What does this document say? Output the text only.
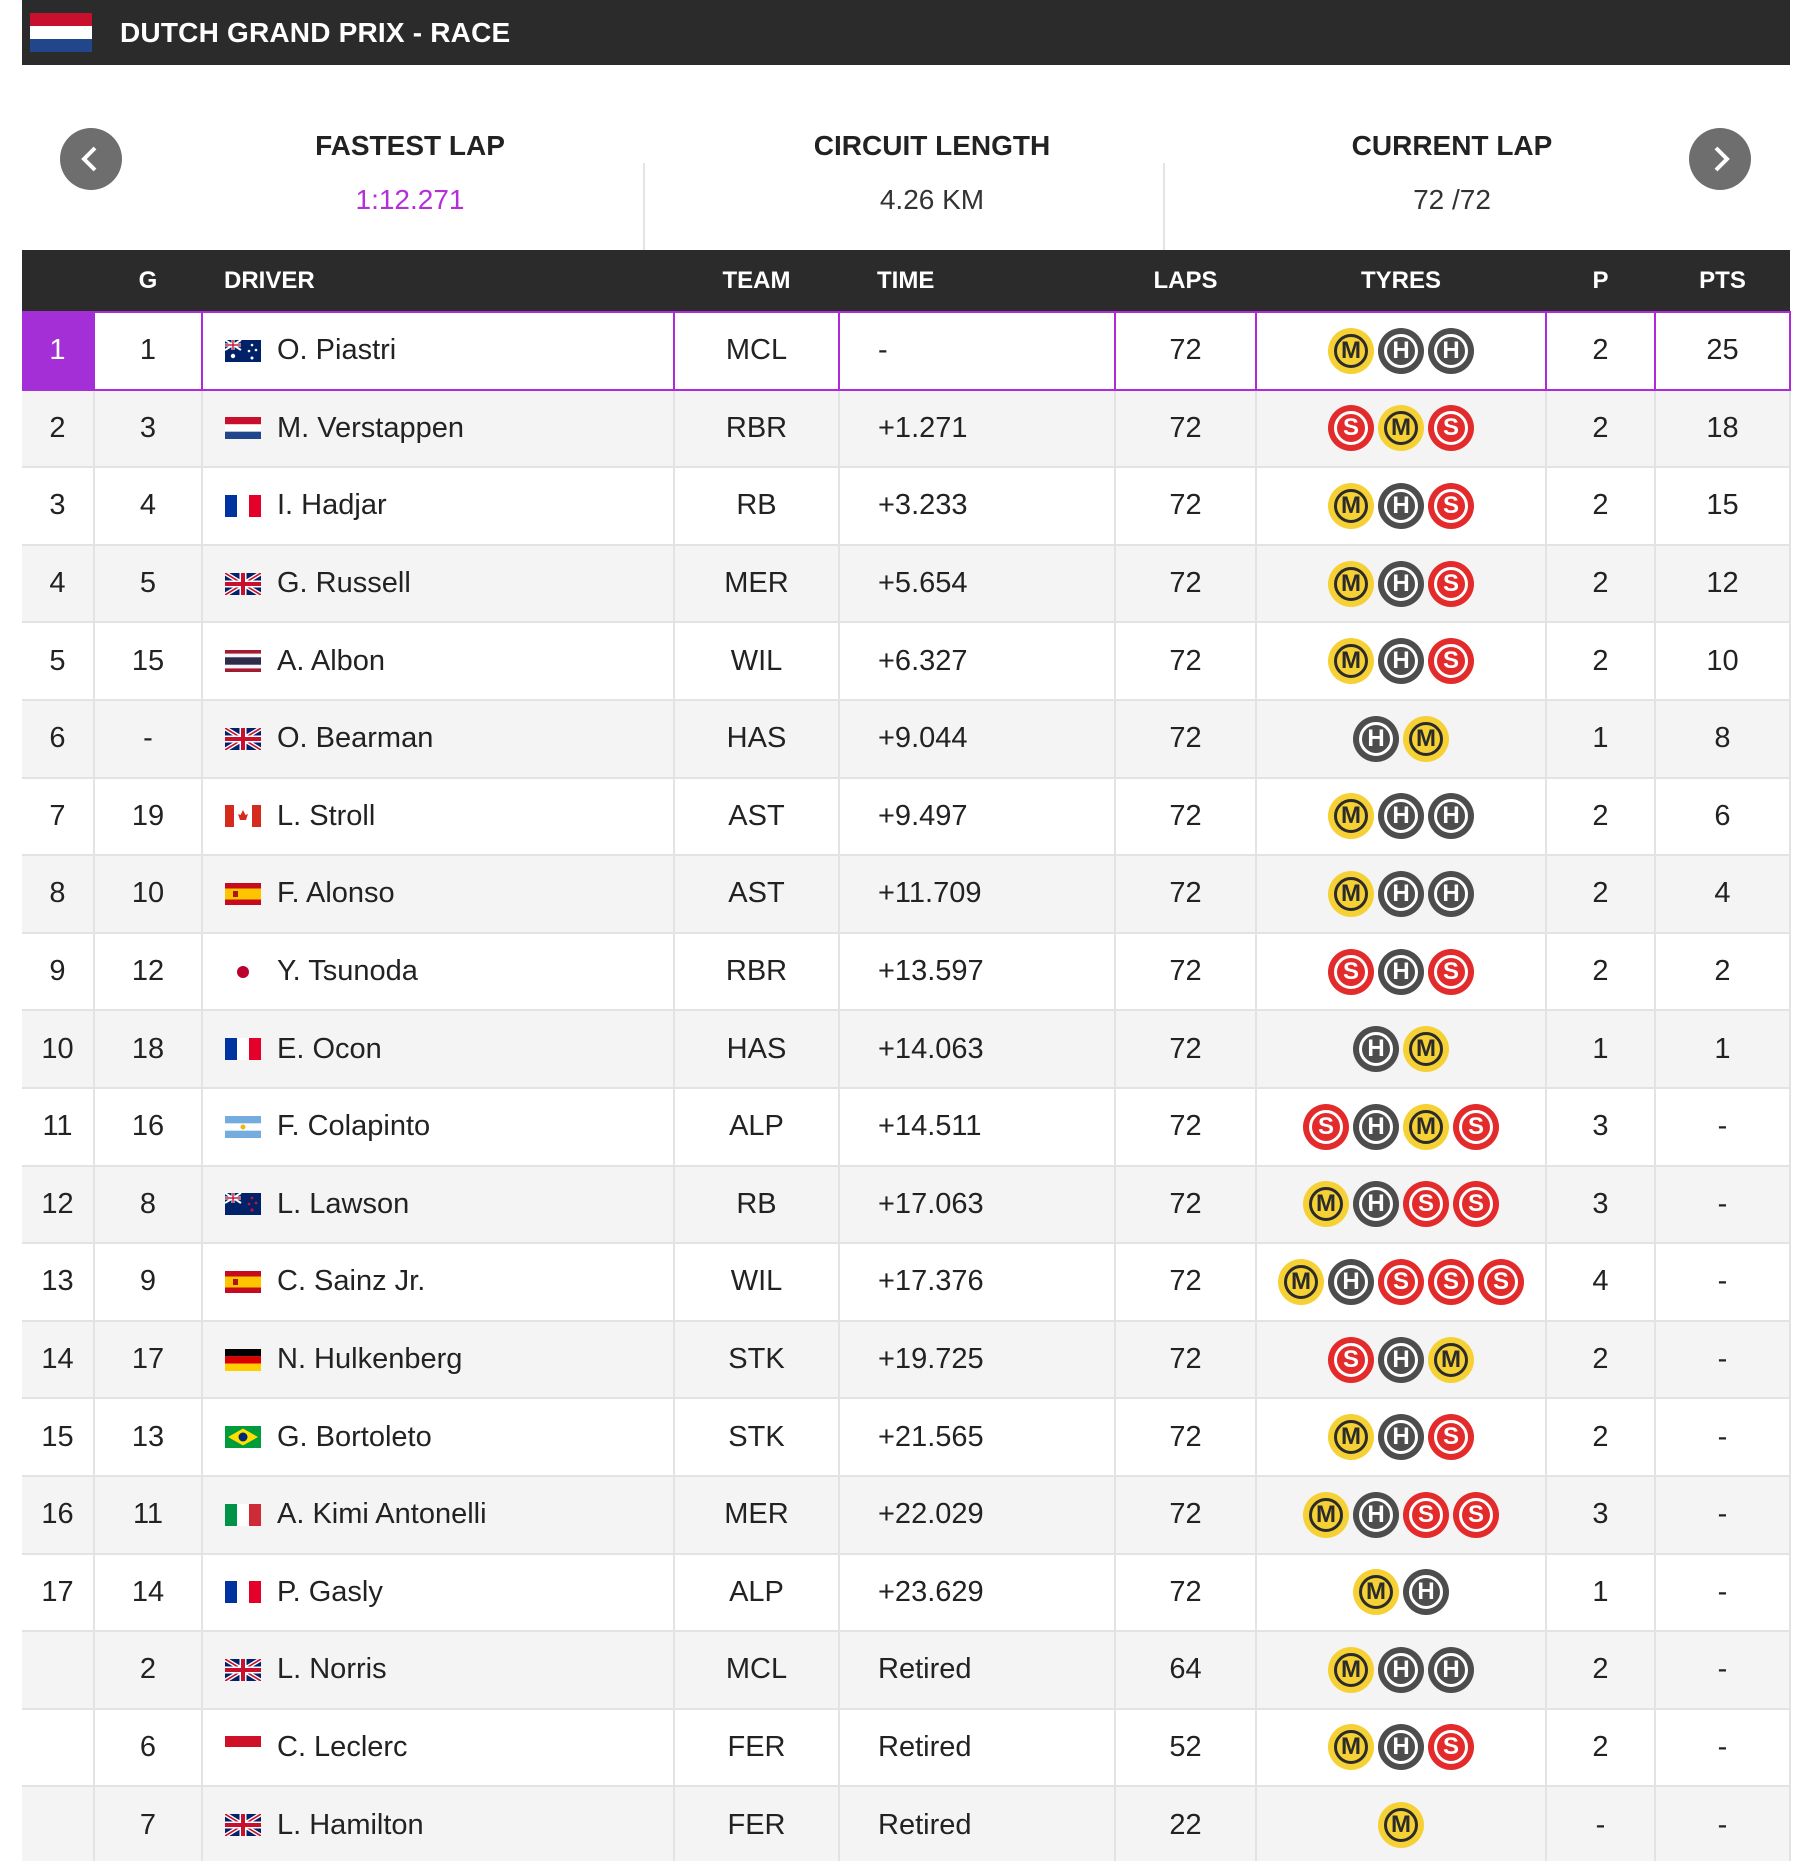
DUTCH GRAND PRIX - RACE
FASTEST LAP
1:12.271
CIRCUIT LENGTH
4.26 KM
CURRENT LAP
72 /72
	G	DRIVER	TEAM	TIME	LAPS	TYRES	P	PTS
1	1	O. Piastri	MCL	-	72	M H H	2	25
2	3	M. Verstappen	RBR	+1.271	72	S M S	2	18
3	4	I. Hadjar	RB	+3.233	72	M H S	2	15
4	5	G. Russell	MER	+5.654	72	M H S	2	12
5	15	A. Albon	WIL	+6.327	72	M H S	2	10
6	-	O. Bearman	HAS	+9.044	72	H M	1	8
7	19	L. Stroll	AST	+9.497	72	M H H	2	6
8	10	F. Alonso	AST	+11.709	72	M H H	2	4
9	12	Y. Tsunoda	RBR	+13.597	72	S H S	2	2
10	18	E. Ocon	HAS	+14.063	72	H M	1	1
11	16	F. Colapinto	ALP	+14.511	72	S H M S	3	-
12	8	L. Lawson	RB	+17.063	72	M H S S	3	-
13	9	C. Sainz Jr.	WIL	+17.376	72	M H S S S	4	-
14	17	N. Hulkenberg	STK	+19.725	72	S H M	2	-
15	13	G. Bortoleto	STK	+21.565	72	M H S	2	-
16	11	A. Kimi Antonelli	MER	+22.029	72	M H S S	3	-
17	14	P. Gasly	ALP	+23.629	72	M H	1	-
	2	L. Norris	MCL	Retired	64	M H H	2	-
	6	C. Leclerc	FER	Retired	52	M H S	2	-
	7	L. Hamilton	FER	Retired	22	M	-	-
